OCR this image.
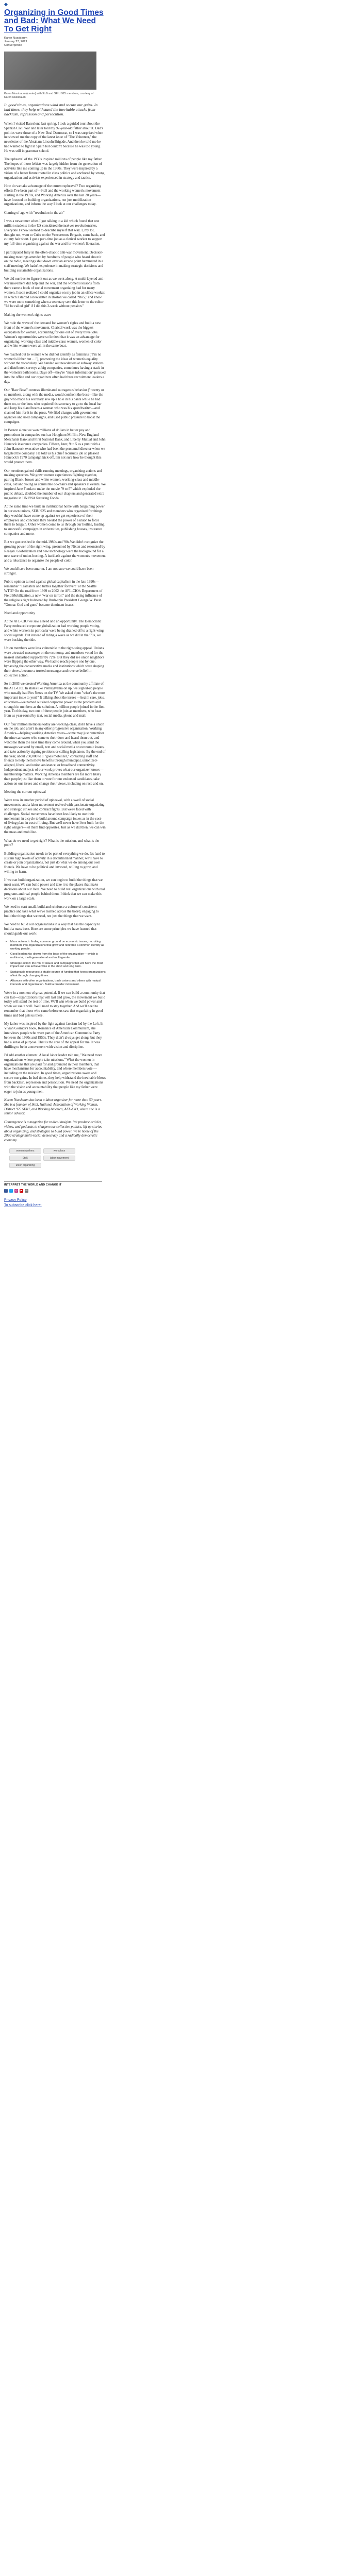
◆
Organizing in Good Times and Bad: What We Need To Get Right
Karen Nussbaum
January 27, 2021
Convergence
Karen Nussbaum (center) with 9to5 and SEIU 925 members, courtesy of Karen Nussbaum
In good times, organizations wind and secure our gains. In bad times, they help withstand the inevitable attacks from backlash, repression and persecution.

When I visited Barcelona last spring, I took a guided tour about the Spanish Civil War and later told my 92-year-old father about it. Dad's politics were those of a New Deal Democrat, so I was surprised when he showed me the copy of the latest issue of "The Volunteer," the newsletter of the Abraham Lincoln Brigade. And then he told me he had wanted to fight in Spain but couldn't because he was too young. He was still in grammar school.

The upheaval of the 1930s inspired millions of people like my father. The hopes of those leftists was largely hidden from the generation of activists like me coming up in the 1960s. They were inspired by a vision of a better future rooted in class politics and anchored by strong organization and activists experienced in strategy and tactics.

How do we take advantage of the current upheaval? Two organizing efforts I've been part of—9to5 and the working women's movement starting in the 1970s, and Working America over the last 20 years—have focused on building organizations, not just mobilization organizations, and inform the way I look at our challenges today.

Coming of age with "revolution in the air"

I was a newcomer when I got talking to a kid which found that one million students in the US considered themselves revolutionaries. Everyone I knew seemed to describe myself that way. I, my lot, thought not, went to Cuba on the Venceremos Brigade, came back, and cut my hair short. I got a part-time job as a clerical worker to support my full-time organizing against the war and for women's liberation.

I participated fully in the often-chaotic anti-war movement. Decision-making meetings attended by hundreds of people who heard about it on the radio, meetings shut down over an arcane point hammered in a staff meeting. We hadn't experience in making strategic decisions and building sustainable organizations.

We did our best to figure it out as we went along. A multi-layered anti-war movement did help end the war, and the women's lessons from there came a book of social movement organizing had for many women. I soon realized I could organize on my job in an office worker, In which I started a newsletter in Boston we called "9to5," and knew we were on to something when a secretary sent this letter to the editor: "I'd be called 'girl' if I did this 2-week without pension."

Making the women's rights wave

We rode the wave of the demand for women's rights and built a new front of the women's movement. Clerical work was the biggest occupation for women, accounting for one out of every three jobs. Women's opportunities were so limited that it was an advantage for organizing: working-class and middle-class women, women of color and white women were all in the same boat.

We reached out to women who did not identify as feminists ("I'm no women's libber but …"), promoting the ideas of women's equality without the vocabulary. We handed out newsletters at subway stations and distributed surveys at big companies, sometimes having a stack in the women's bathrooms. Days off—they're "mass information" pursued into the office and our organizers often had three recruitment leaders a day.

Our "Raw Boss" contests illuminated outrageous behavior ("twenty or so members, along with the media, would confront the boss—like the guy who made his secretary sew up a hole in his pants while he had them on, or the boss who required his secretary to go to the local bar and keep his d and beans a woman who was his speechwriter—and shamed him for it in the press. We filed charges with government agencies and used campaigns, and used public pressure to boost the campaigns.

In Boston alone we won millions of dollars in better pay and promotions in companies such as Houghton Mifflin, New England Merchants Bank and First National Bank, and Liberty Mutual and John Hancock insurance companies. Fifteen, later, 9 to 5 as a punt with a John Hancock executive who had been the personnel director when we targeted the company. He told us his chief recuruit's job so pleased Hancock's 1970 campaign kick-off, I'm not sure how he thought this would protect them.

Our members gained skills running meetings, organizing actions and making speeches. We grew women experiences fighting together, pairing Black, brown and white women, working-class and middle-class, old and young as committee co-chairs and speakers at events. We inspired Jane Fonda to make the movie "9 to 5" which exploded the public debate, doubled the number of our chapters and generated extra magazine in UN PNA featuring Fonda.

At the same time we built an institutional home with bargaining power in our own unions, SEIU 925 and members who organized for things they wouldn't have come up against we get experience of their employees and conclude they needed the power of a union to force them to bargain. Other women come to us through our hotline, leading to successful campaigns in universities, publishing houses, insurance companies and more.

But we got crushed in the mid-1980s and '90s.We didn't recognize the growing power of the right wing, presumed by Nixon and resonated by Reagan. Globalization and new technology were the background for a new wave of union-busting. A backlash against the women's movement and a reluctance to organize the people of color.

We could have been smarter. I am not sure we could have been stronger.

Public opinion turned against global capitalism in the late 1990s—remember "Teamsters and turtles together forever!" at the Seattle WTO? On the road from 1999 to 2002 the AFL-CIO's Department of Field Mobilization, a new "war on terror," and the rising influence of the religious right bolstered by Bush-spin President George W. Bush. "Gonna: God and guns" became dominant issues.

Need and opportunity

At the AFL-CIO we saw a need and an opportunity. The Democratic Party embraced corporate globalization had working people voting, and white workers in particular were being drained off to a right-wing social agenda. But instead of riding a wave as we did in the '70s, we were bucking the tide.

Union members were less vulnerable to the right-wing appeal. Unions were a trusted messenger on the economy, and members voted for the nearest unleashed supporter by 72%. But they did see union neighbors were flipping the other way. We had to reach people one by one, bypassing the conservative media and institutions which were shaping their views, become a trusted messenger and reverse belief in collective action.

So in 2003 we created Working America as the community affiliate of the AFL-CIO. In states like Pennsylvania on up, we signed-up people who usually had Fox News on the TV. We asked them "what's the most important issue to you?" It talking about the issues —health care, jobs, education—we named outsized corporate power as the problem and strength in numbers as the solution. A million people joined in the first year. To this day, two out of three people join as members, who hear from us year-round by text, social media, phone and mail.

Our four million members today are working-class, don't have a union on the job, and aren't in any other progressive organization. Working America—helping working America votes—some may just remember the nine canvasser who came to their door and heard them out, and welcome them the next time they come around, when you send the messages we send by email, text and social media on economic issues, and take action by signing petitions or calling legislators. By the end of the year, about 250,000 to 1 "goes mobilizer," contacting staff and friends to help them move benefits through municipal, unionized-aligned, liberal and union assistance, or broadband connectivity. Independent analysis of our work proves what our organizer knows— membership matters. Working America members are far more likely than people just like them to vote for our endorsed candidates, take action on our issues and change their views, including on race and on.

Meeting the current upheaval

We're now in another period of upheaval, with a swell of social movements, and a labor movement revived with passionate organizing and strategic strikes and contract fights. But we're faced with challenges. Social movements have been less likely to use their momentum in a cycle to build around campaign issues as in the cost-of-living plan, in cost of living. But we'll never have lives built for the right wingers—let them find opposites. Just as we did then, we can win the mass and mobilize.

What do we need to get right? What is the mission, and what is the point?

Building organization needs to be part of everything we do. It's hard to sustain high levels of activity in a decentralized manner, we'll have to create or join organizations, not just do what we do among our own friends. We have to be political and invested, willing to grow, and willing to learn.

If we can build organization, we can begin to build the things that we most want. We can build power and take it to the places that make decisions about our lives. We need to build real organizations with real programs and real people behind them. I think that we can make this work on a large scale.

We need to start small, build and reinforce a culture of consistent practice and take what we've learned across the board, engaging to build the things that we need, not just the things that we want.

We need to build our organizations in a way that has the capacity to build a mass base. Here are some principles we have learned that should guide our work:

• Mass outreach: finding common ground on economic issues; recruiting members into organizations that grow and reinforce a common identity as working people.
• Good leadership: drawn from the base of the organization— which is multiracial, multi-generational and multi-gender.
• Strategic action: the mix of issues and campaigns that will have the most impact and can achieve wins in the short and long term.
• Sustainable resources: a stable source of funding that keeps organizations afloat through changing times.
• Alliances with other organizations, trade unions and others with mutual interests and organization. Build a broader movement.

We're in a moment of great potential. If we can build a community that can last—organizations that will last and grow, the movement we build today will stand the test of time. We'll win when we build power and when we use it well. We'll need to stay together. And we'll need to remember that those who came before us saw that organizing in good times and bad gets us there.

My father was inspired by the fight against fascism led by the Left. In Vivian Gornick's book, Romance of American Communism, she interviews people who were part of the American Communist Party between the 1930s and 1950s. They didn't always get along, but they had a sense of purpose. That is the core of the appeal for me. It was thrilling to be in a movement with vision and discipline.

I'd add another element. A local labor leader told me, "We need more organizations where people take missions." What the women in organizations that are paid for and grounded in their members, that have mechanisms for accountability, and where members vote —including on the mission. In good times, organizations sweat and secure our gains. In bad times, they help withstand the inevitable blows from backlash, repression and persecution. We need the organizations with the vision and accountability that people like my father were eager to join as young men.

Karen Nussbaum has been a labor organizer for more than 50 years. She is a founder of 9to5, National Association of Working Women, District 925 SEIU, and Working America, AFL-CIO, where she is a senior advisor.

Convergence is a magazine for radical insights. We produce articles, videos, and podcasts to sharpen our collective politics, lift up stories about organizing, and strategize to build power. We're home of the 2020 strategy multi-racial democracy and a radically democratic economy.

women workers	workplace
9to5	labor movement
union organizing
INTERPRET THE WORLD AND CHANGE IT
f	t	◎	▶	✉
Privacy Policy
To subscribe click here:
